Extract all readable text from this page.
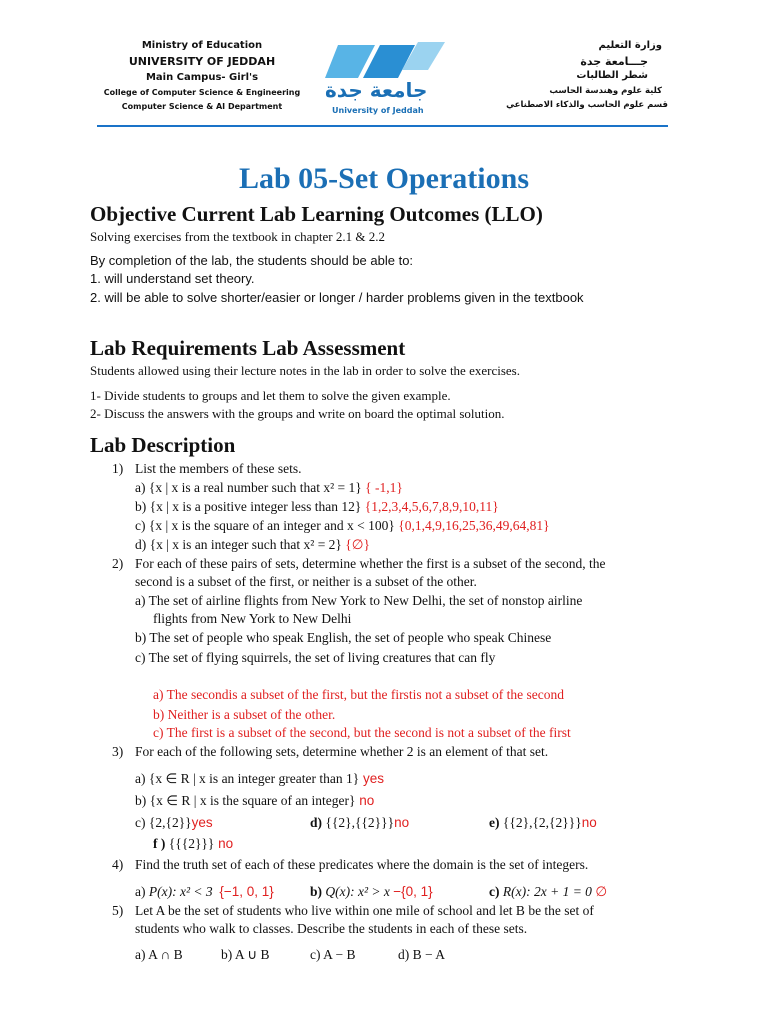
Ministry of Education
UNIVERSITY OF JEDDAH
Main Campus- Girl's
College of Computer Science & Engineering
Computer Science & AI Department
جامعة جدة
University of Jeddah
وزارة التعليم
جـــامعة جدة
شطر الطالبات
كلية علوم وهندسة الحاسب
قسم علوم الحاسب والذكاء الاصطناعي
Lab 05-Set Operations
Objective Current Lab Learning Outcomes (LLO)
Solving exercises from the textbook in chapter 2.1 & 2.2
By completion of the lab, the students should be able to:
1. will understand set theory.
2. will be able to solve shorter/easier or longer / harder problems given in the textbook
Lab Requirements Lab Assessment
Students allowed using their lecture notes in the lab in order to solve the exercises.
1- Divide students to groups and let them to solve the given example.
2- Discuss the answers with the groups and write on board the optimal solution.
Lab Description
1) List the members of these sets.
a) {x | x is a real number such that x² = 1} { -1,1}
b) {x | x is a positive integer less than 12} {1,2,3,4,5,6,7,8,9,10,11}
c) {x | x is the square of an integer and x < 100} {0,1,4,9,16,25,36,49,64,81}
d) {x | x is an integer such that x² = 2} {∅}
2) For each of these pairs of sets, determine whether the first is a subset of the second, the
second is a subset of the first, or neither is a subset of the other.
a) The set of airline flights from New York to New Delhi, the set of nonstop airline
flights from New York to New Delhi
b) The set of people who speak English, the set of people who speak Chinese
c) The set of flying squirrels, the set of living creatures that can fly
a) The secondis a subset of the first, but the firstis not a subset of the second
b) Neither is a subset of the other.
c) The first is a subset of the second, but the second is not a subset of the first
3) For each of the following sets, determine whether 2 is an element of that set.
a) {x ∈ R | x is an integer greater than 1} yes
b) {x ∈ R | x is the square of an integer} no
c) {2,{2}}yes	d) {{2},{{2}}}no	e) {{2},{2,{2}}}no
f ) {{{2}}} no
4) Find the truth set of each of these predicates where the domain is the set of integers.
a) P(x): x² < 3 {−1, 0, 1}	b) Q(x): x² > x −{0, 1}	c) R(x): 2x + 1 = 0 ∅
5) Let A be the set of students who live within one mile of school and let B be the set of
students who walk to classes. Describe the students in each of these sets.
a) A ∩ B	b) A ∪ B	c) A − B	d) B − A
